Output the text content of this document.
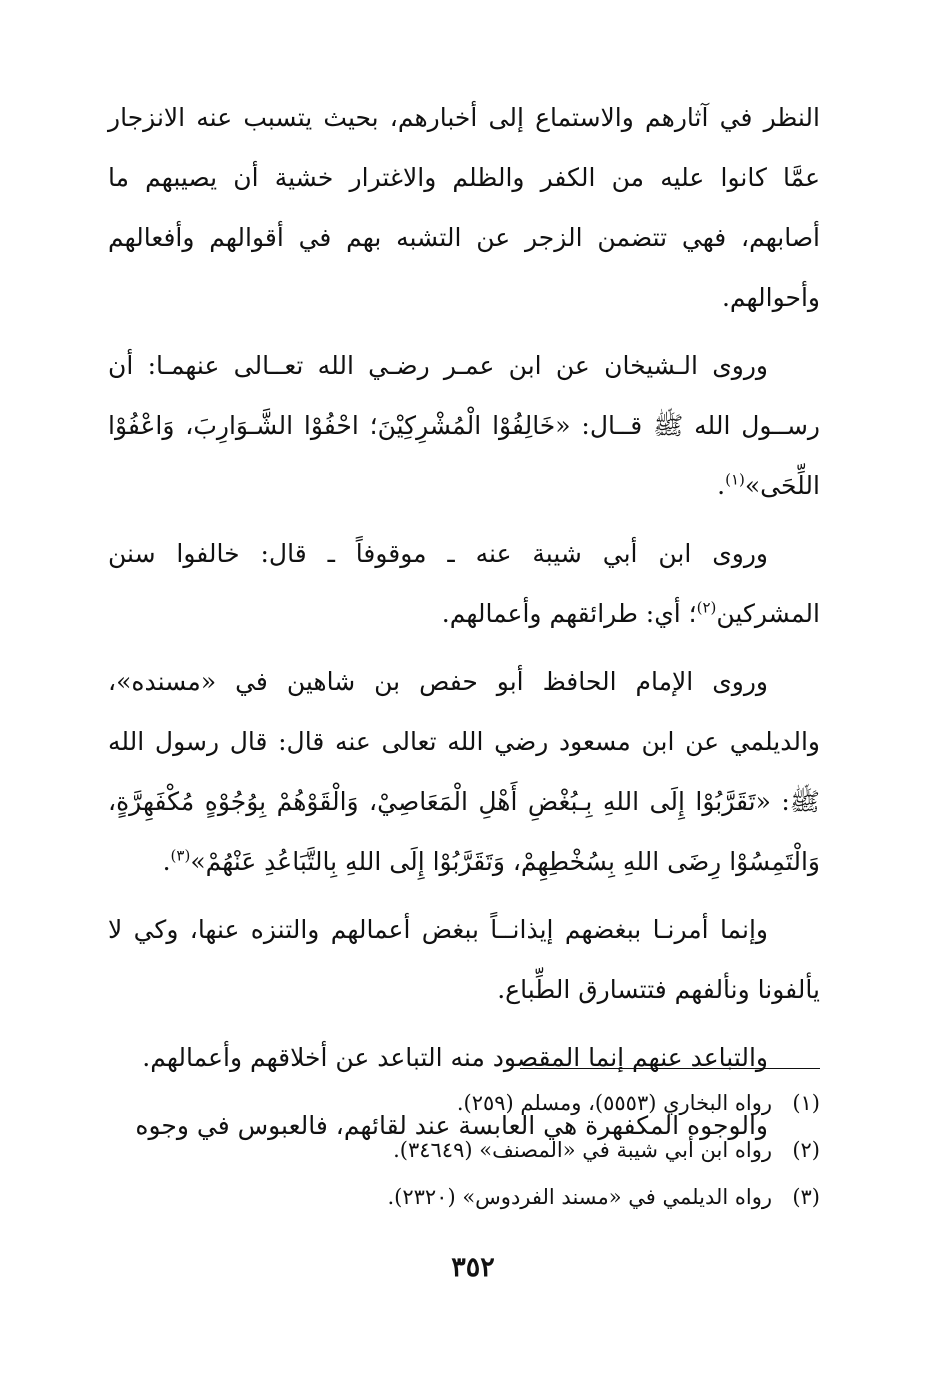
النظر في آثارهم والاستماع إلى أخبارهم، بحيث يتسبب عنه الانزجار عمَّا كانوا عليه من الكفر والظلم والاغترار خشية أن يصيبهم ما أصابهم، فهي تتضمن الزجر عن التشبه بهم في أقوالهم وأفعالهم وأحوالهم.

وروى الـشيخان عن ابن عمـر رضـي الله تعــالى عنهمـا: أن رســول الله ﷺ قــال: «خَالِفُوْا الْمُشْرِكِيْنَ؛ احْفُوْا الشَّـوَارِبَ، وَاعْفُوْا اللِّحَى»$^{(١)}$.

وروى ابن أبي شيبة عنه ـ موقوفاً ـ قال: خالفوا سنن المشركين$^{(٢)}$؛ أي: طرائقهم وأعمالهم.

وروى الإمام الحافظ أبو حفص بن شاهين في «مسنده»، والديلمي عن ابن مسعود رضي الله تعالى عنه قال: قال رسول الله ﷺ: «تَقَرَّبُوْا إِلَى اللهِ بِـبُغْضِ أَهْلِ الْمَعَاصِيْ، وَالْقَوْهُمْ بِوُجُوْهٍ مُكْفَهِرَّةٍ، وَالْتَمِسُوْا رِضَى اللهِ بِسُخْطِهِمْ، وَتَقَرَّبُوْا إِلَى اللهِ بِالتَّبَاعُدِ عَنْهُمْ»$^{(٣)}$.

وإنما أمرنـا ببغضهم إيذانــاً ببغض أعمالهم والتنزه عنها، وكي لا يألفونا ونألفهم فتتسارق الطِّباع.

والتباعد عنهم إنما المقصود منه التباعد عن أخلاقهم وأعمالهم.

والوجوه المكفهرة هي العابسة عند لقائهم، فالعبوس في وجوه

(١)
رواه البخاري (٥٥٥٣)، ومسلم (٢٥٩).
(٢)
رواه ابن أبي شيبة في «المصنف» (٣٤٦٤٩).
(٣)
رواه الديلمي في «مسند الفردوس» (٢٣٢٠).
٣٥٢
